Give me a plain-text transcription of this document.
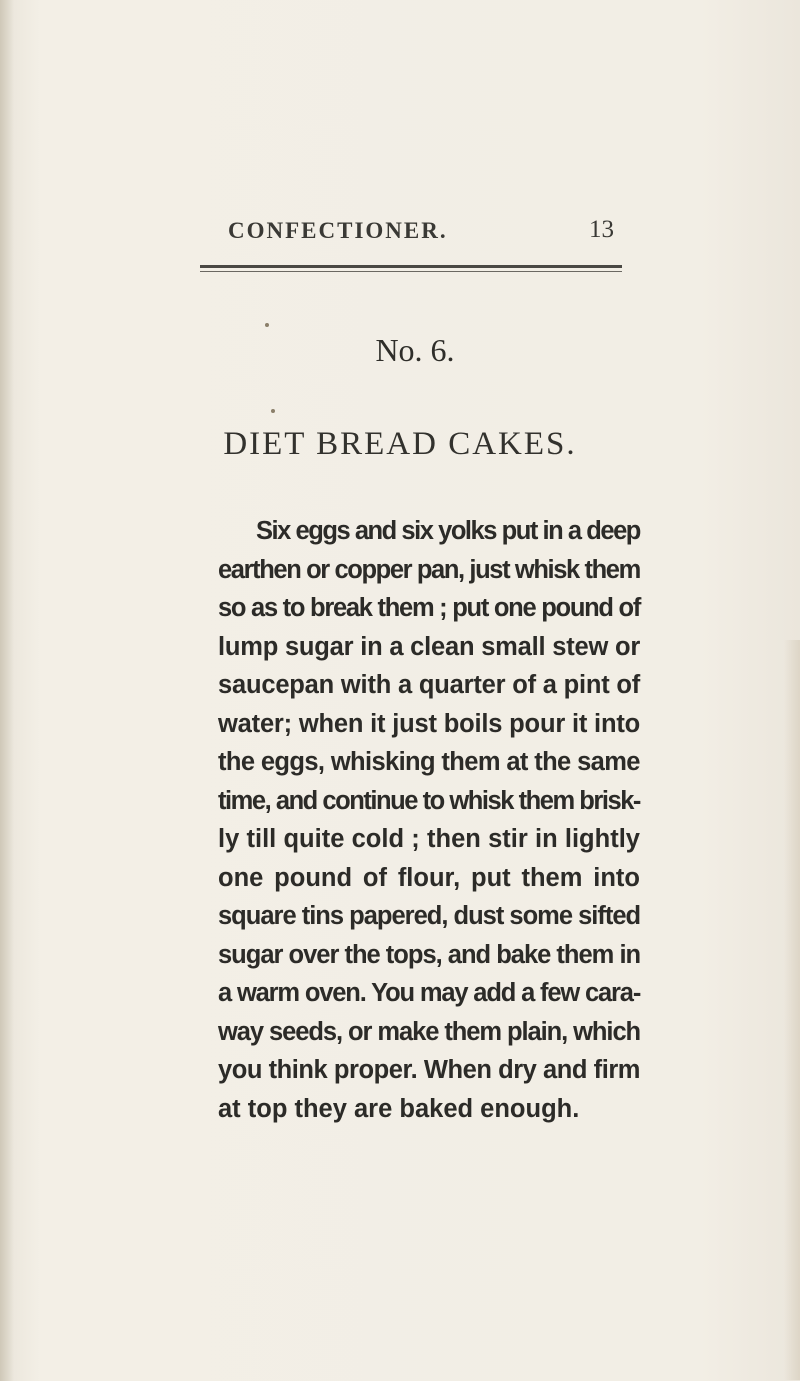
CONFECTIONER.	13
No. 6.
DIET BREAD CAKES.
Six eggs and six yolks put in a deep
earthen or copper pan, just whisk them
so as to break them ; put one pound of
lump sugar in a clean small stew or
saucepan with a quarter of a pint of
water; when it just boils pour it into
the eggs, whisking them at the same
time, and continue to whisk them brisk-
ly till quite cold ; then stir in lightly
one pound of flour, put them into
square tins papered, dust some sifted
sugar over the tops, and bake them in
a warm oven. You may add a few cara-
way seeds, or make them plain, which
you think proper. When dry and firm
at top they are baked enough.
